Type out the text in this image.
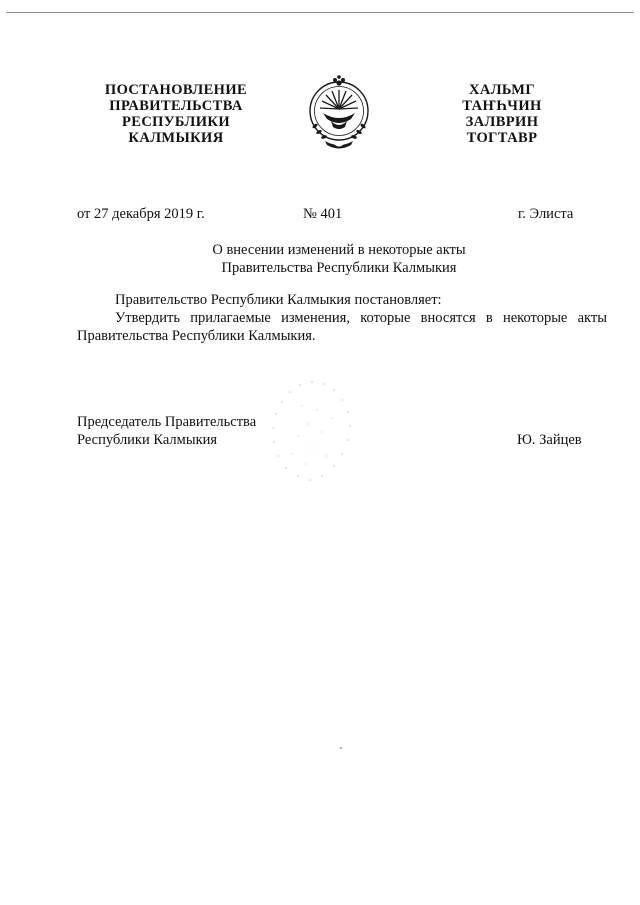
ПОСТАНОВЛЕНИЕ
ПРАВИТЕЛЬСТВА
РЕСПУБЛИКИ
КАЛМЫКИЯ
ХАЛЬМГ
ТАҤҺЧИН
ЗАЛВРИН
ТОГТАВР
от 27 декабря 2019 г.	№ 401	г. Элиста
О внесении изменений в некоторые акты
Правительства Республики Калмыкия

Правительство Республики Калмыкия постановляет:

Утвердить прилагаемые изменения, которые вносятся в некоторые акты Правительства Республики Калмыкия.

Председатель Правительства
Республики Калмыкия	Ю. Зайцев
